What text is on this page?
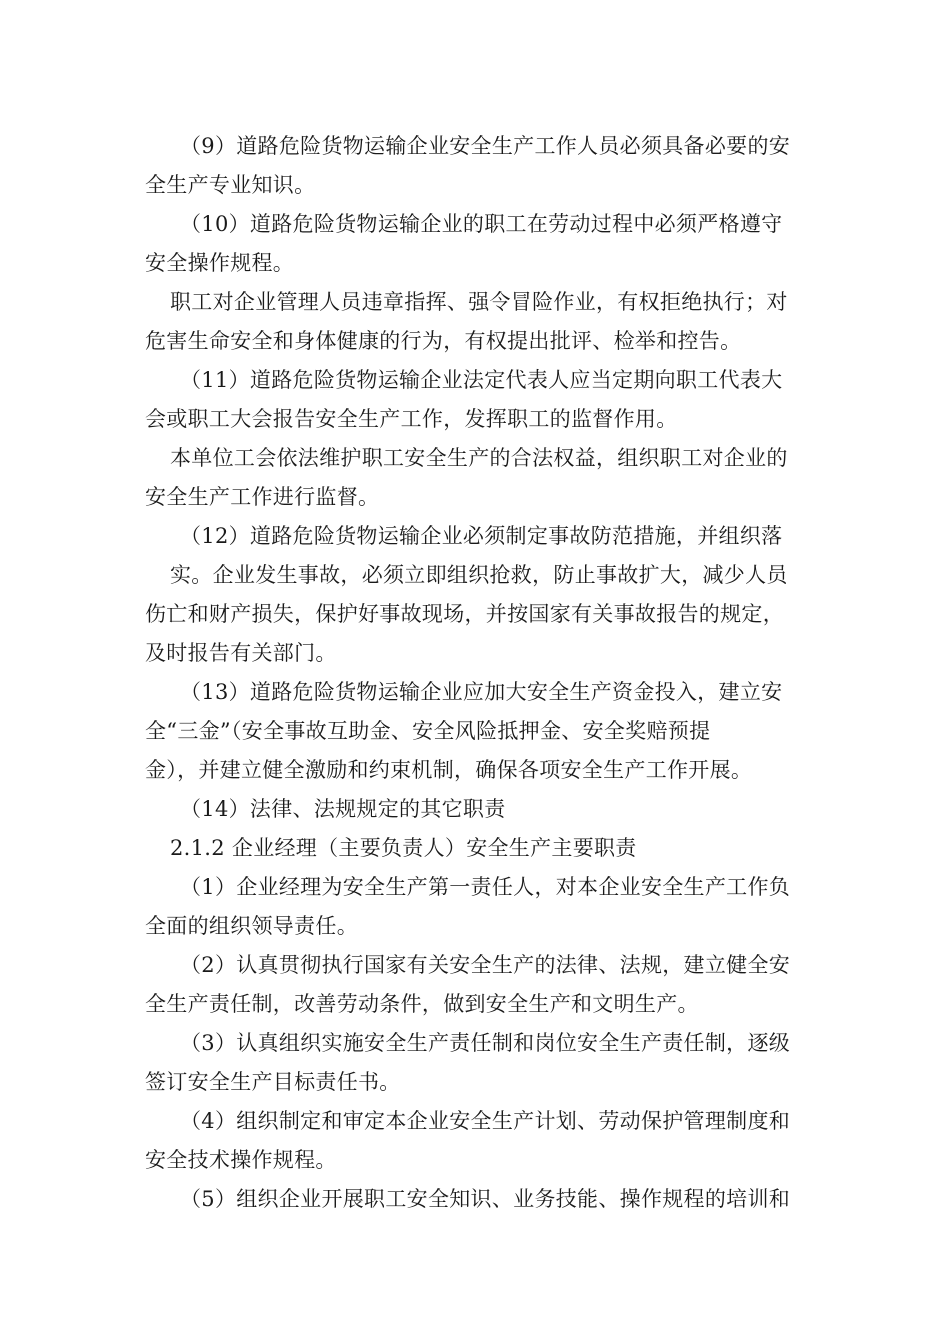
（9）道路危险货物运输企业安全生产工作人员必须具备必要的安
全生产专业知识。
（10）道路危险货物运输企业的职工在劳动过程中必须严格遵守
安全操作规程。
职工对企业管理人员违章指挥、强令冒险作业，有权拒绝执行；对
危害生命安全和身体健康的行为，有权提出批评、检举和控告。
（11）道路危险货物运输企业法定代表人应当定期向职工代表大
会或职工大会报告安全生产工作，发挥职工的监督作用。
本单位工会依法维护职工安全生产的合法权益，组织职工对企业的
安全生产工作进行监督。
（12）道路危险货物运输企业必须制定事故防范措施，并组织落
实。企业发生事故，必须立即组织抢救，防止事故扩大，减少人员
伤亡和财产损失，保护好事故现场，并按国家有关事故报告的规定，
及时报告有关部门。
（13）道路危险货物运输企业应加大安全生产资金投入，建立安
全“三金”（安全事故互助金、安全风险抵押金、安全奖赔预提
金），并建立健全激励和约束机制，确保各项安全生产工作开展。
（14）法律、法规规定的其它职责
2.1.2 企业经理（主要负责人）安全生产主要职责
（1）企业经理为安全生产第一责任人，对本企业安全生产工作负
全面的组织领导责任。
（2）认真贯彻执行国家有关安全生产的法律、法规，建立健全安
全生产责任制，改善劳动条件，做到安全生产和文明生产。
（3）认真组织实施安全生产责任制和岗位安全生产责任制，逐级
签订安全生产目标责任书。
（4）组织制定和审定本企业安全生产计划、劳动保护管理制度和
安全技术操作规程。
（5）组织企业开展职工安全知识、业务技能、操作规程的培训和
